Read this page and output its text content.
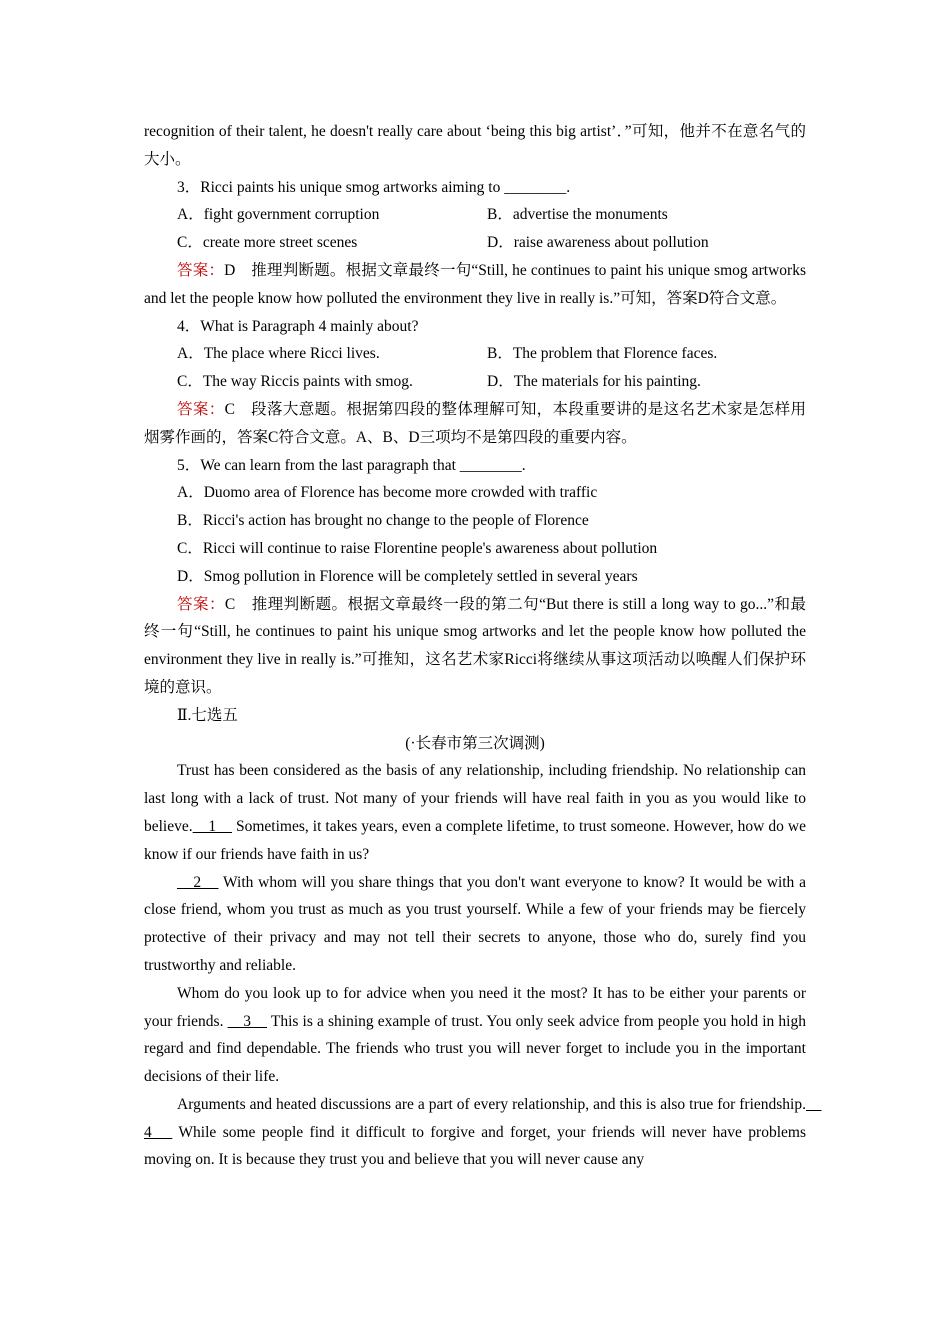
recognition of their talent, he doesn't really care about ‘being this big artist’．”可知，他并不在意名气的大小。

3．Ricci paints his unique smog artworks aiming to ________.

A．fight government corruption	B．advertise the monuments
C．create more street scenes	D．raise awareness about pollution

答案：D　推理判断题。根据文章最终一句“Still, he continues to paint his unique smog artworks and let the people know how polluted the environment they live in really is.”可知，答案D符合文意。

4．What is Paragraph 4 mainly about?

A．The place where Ricci lives.	B．The problem that Florence faces.
C．The way Riccis paints with smog.	D．The materials for his painting.

答案：C　段落大意题。根据第四段的整体理解可知，本段重要讲的是这名艺术家是怎样用烟雾作画的，答案C符合文意。A、B、D三项均不是第四段的重要内容。

5．We can learn from the last paragraph that ________.

A．Duomo area of Florence has become more crowded with traffic

B．Ricci's action has brought no change to the people of Florence

C．Ricci will continue to raise Florentine people's awareness about pollution

D．Smog pollution in Florence will be completely settled in several years

答案：C　推理判断题。根据文章最终一段的第二句“But there is still a long way to go...”和最终一句“Still, he continues to paint his unique smog artworks and let the people know how polluted the environment they live in really is.”可推知，这名艺术家Ricci将继续从事这项活动以唤醒人们保护环境的意识。

Ⅱ.七选五

(·长春市第三次调测)

Trust has been considered as the basis of any relationship, including friendship. No relationship can last long with a lack of trust. Not many of your friends will have real faith in you as you would like to believe.　1　 Sometimes, it takes years, even a complete lifetime, to trust someone. However, how do we know if our friends have faith in us?

　2　 With whom will you share things that you don't want everyone to know? It would be with a close friend, whom you trust as much as you trust yourself. While a few of your friends may be fiercely protective of their privacy and may not tell their secrets to anyone, those who do, surely find you trustworthy and reliable.

Whom do you look up to for advice when you need it the most? It has to be either your parents or your friends. 　3　 This is a shining example of trust. You only seek advice from people you hold in high regard and find dependable. The friends who trust you will never forget to include you in the important decisions of their life.

Arguments and heated discussions are a part of every relationship, and this is also true for friendship. 　4　 While some people find it difficult to forgive and forget, your friends will never have problems moving on. It is because they trust you and believe that you will never cause any
